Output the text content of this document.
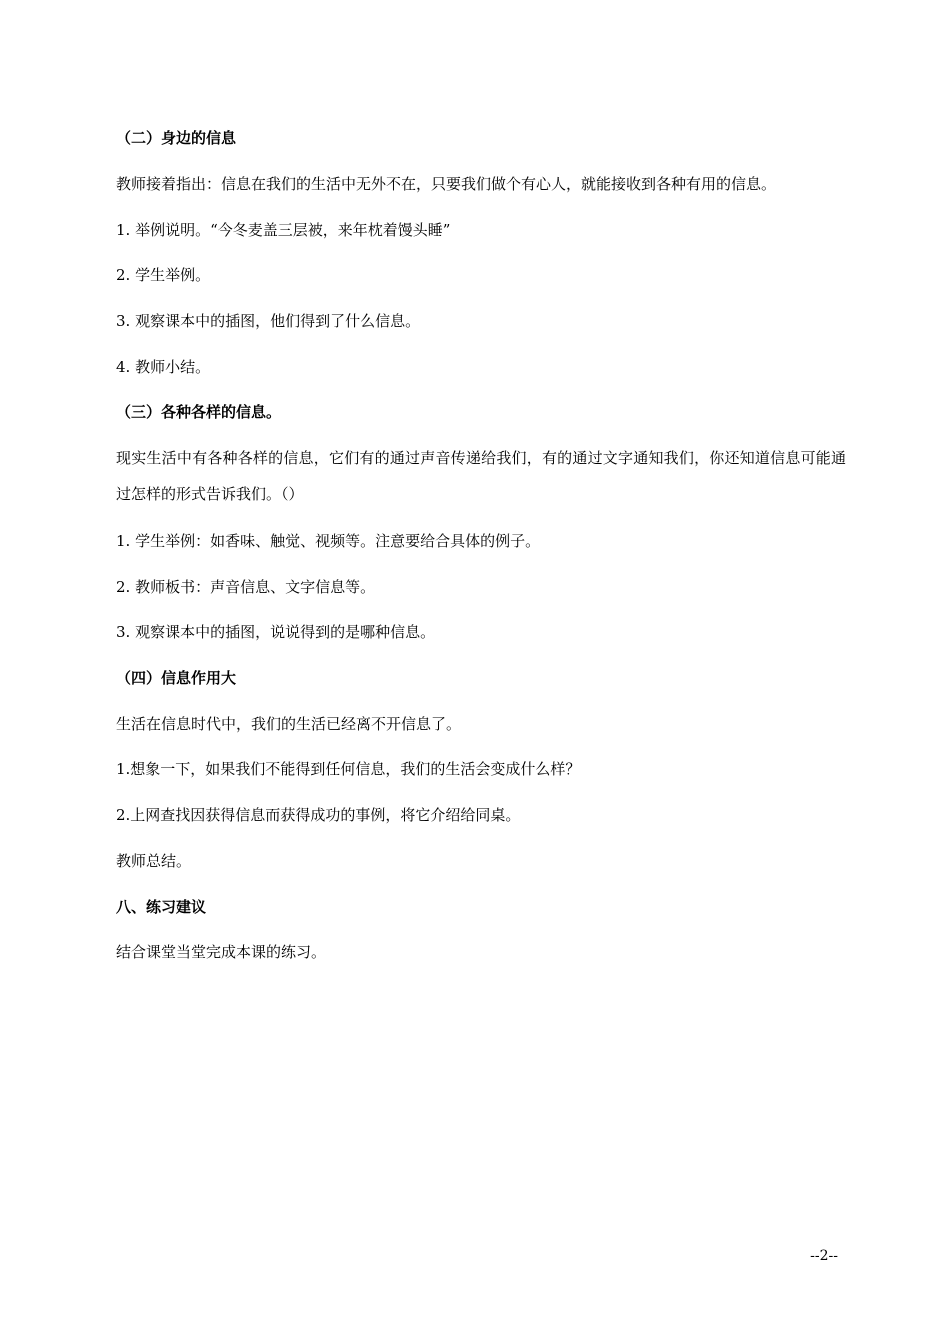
（二）身边的信息
教师接着指出：信息在我们的生活中无外不在，只要我们做个有心人，就能接收到各种有用的信息。
1. 举例说明。“今冬麦盖三层被，来年枕着馒头睡”
2. 学生举例。
3. 观察课本中的插图，他们得到了什么信息。
4. 教师小结。
（三）各种各样的信息。
现实生活中有各种各样的信息，它们有的通过声音传递给我们，有的通过文字通知我们，你还知道信息可能通过怎样的形式告诉我们。（）
1. 学生举例：如香味、触觉、视频等。注意要给合具体的例子。
2. 教师板书：声音信息、文字信息等。
3. 观察课本中的插图，说说得到的是哪种信息。
（四）信息作用大
生活在信息时代中，我们的生活已经离不开信息了。
1.想象一下，如果我们不能得到任何信息，我们的生活会变成什么样？
2.上网查找因获得信息而获得成功的事例，将它介绍给同桌。
教师总结。
八、练习建议
结合课堂当堂完成本课的练习。
--2--
